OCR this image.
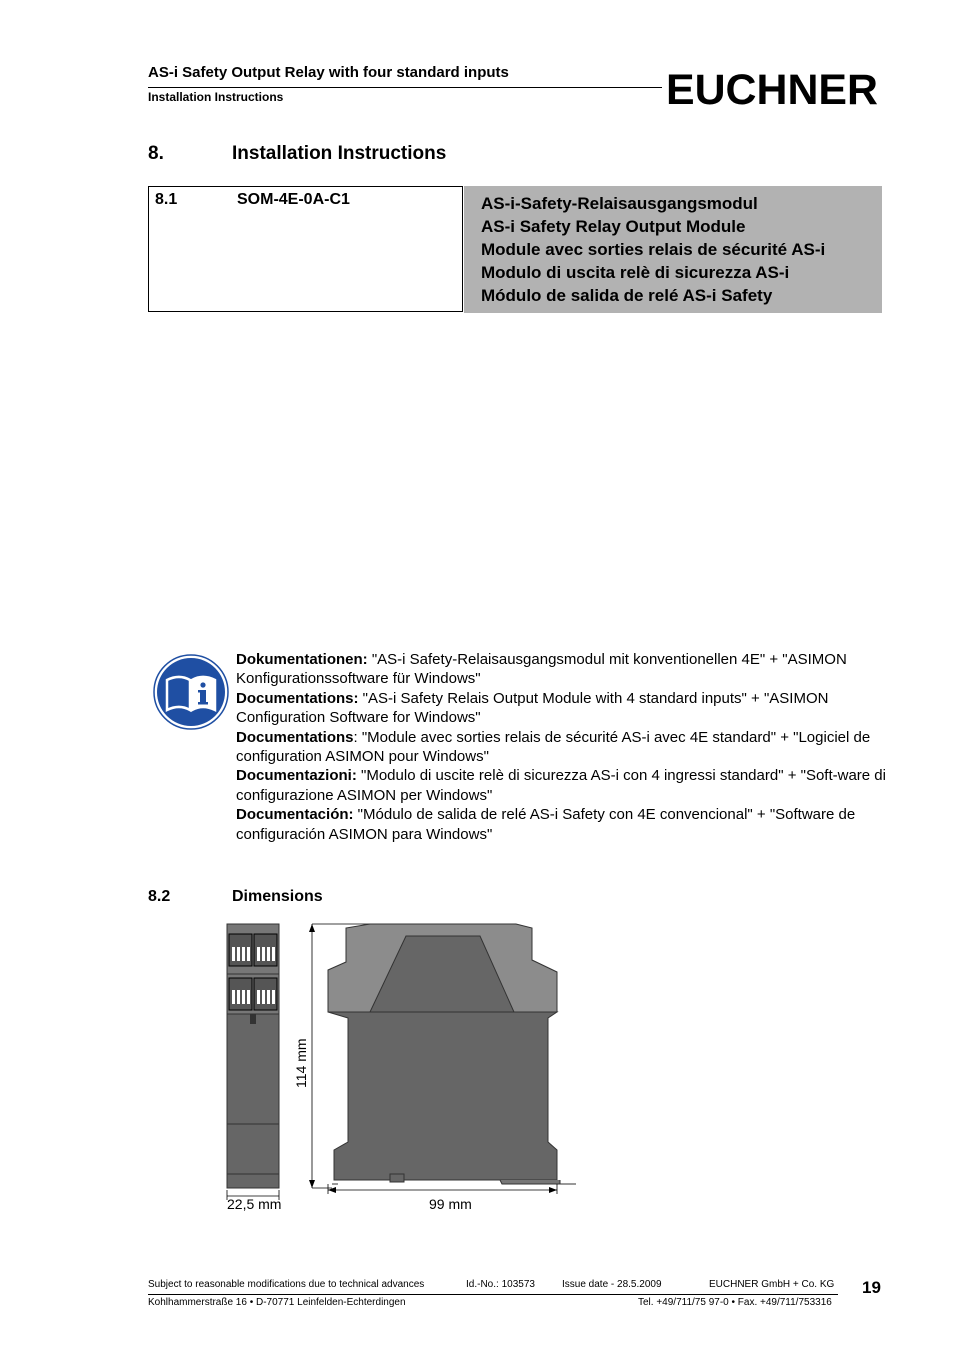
AS-i Safety Output Relay with four standard inputs
Installation Instructions	EUCHNER
8.	Installation Instructions
8.1	SOM-4E-0A-C1	AS-i-Safety-Relaisausgangsmodul
AS-i Safety Relay Output Module
Module avec sorties relais de sécurité AS-i
Modulo di uscita relè di sicurezza AS-i
Módulo de salida de relé AS-i Safety

Dokumentationen: "AS-i Safety-Relaisausgangsmodul mit konventionellen 4E" + "ASIMON Konfigurationssoftware für Windows"

Documentations: "AS-i Safety Relais Output Module with 4 standard inputs" + "ASIMON Configuration Software for Windows"

Documentations: "Module avec sorties relais de sécurité AS-i avec 4E standard" + "Logiciel de configuration ASIMON pour Windows"

Documentazioni: "Modulo di uscite relè di sicurezza AS-i con 4 ingressi standard" + "Soft-ware di configurazione ASIMON per Windows"

Documentación: "Módulo de salida de relé AS-i Safety con 4E convencional" + "Software de configuración ASIMON para Windows"

8.2	Dimensions
22,5 mm
114 mm
99 mm
Subject to reasonable modifications due to technical advances	Id.-No.: 103573	Issue date - 28.5.2009	EUCHNER GmbH + Co. KG 19
Kohlhammerstraße 16 • D-70771 Leinfelden-Echterdingen	Tel. +49/711/75 97-0 • Fax. +49/711/753316
